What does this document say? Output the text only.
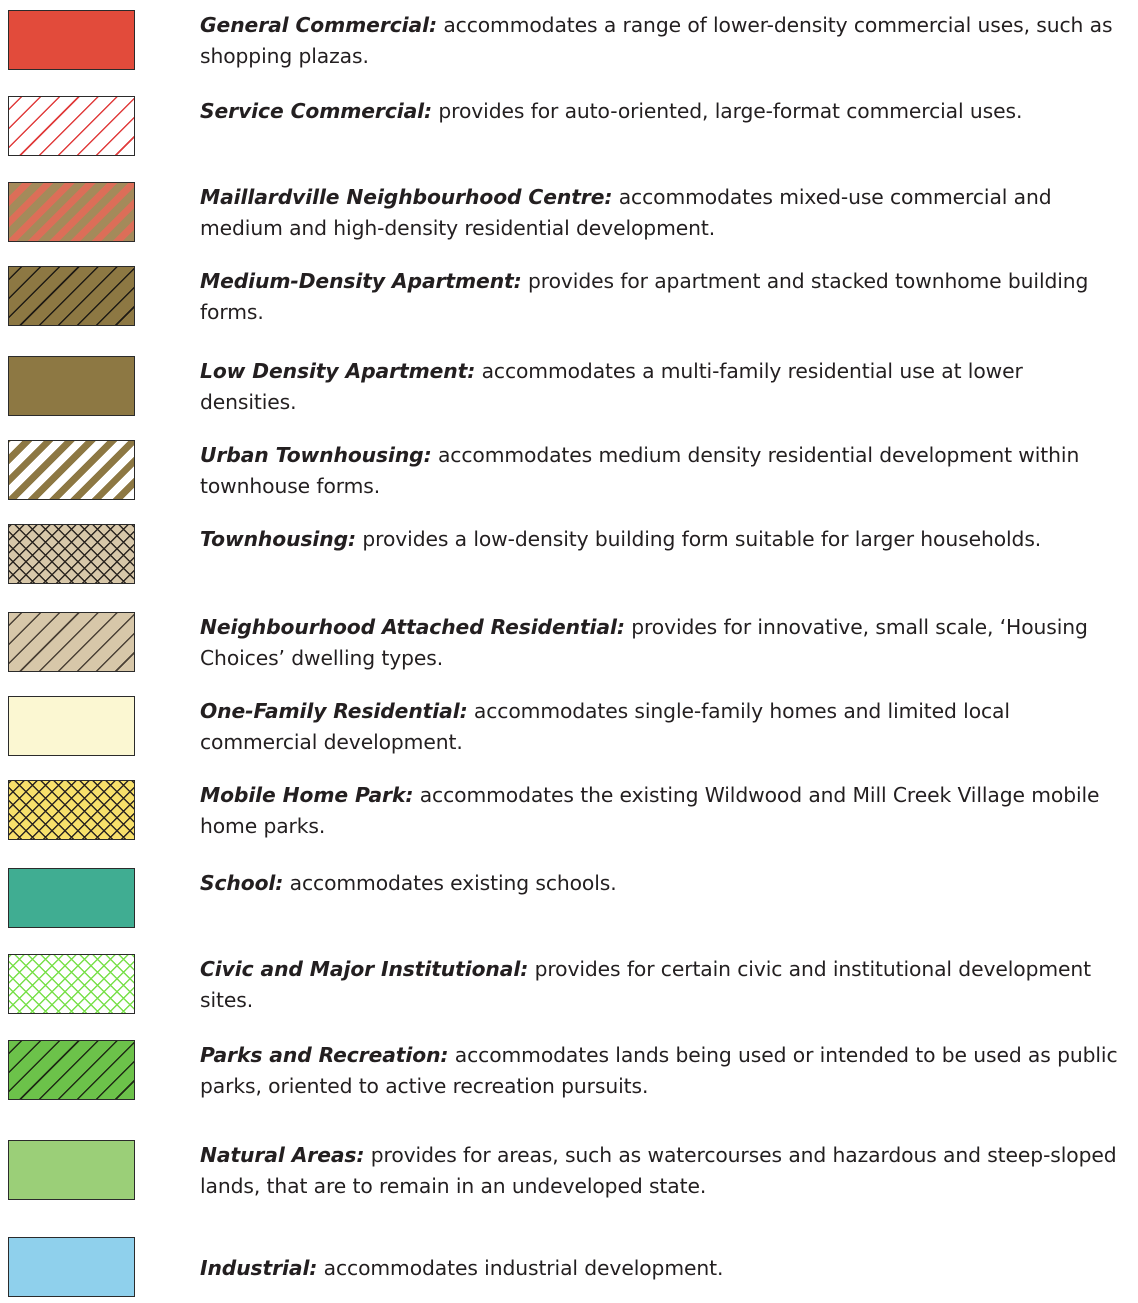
General Commercial: accommodates a range of lower-density commercial uses, such as shopping plazas.
Service Commercial: provides for auto-oriented, large-format commercial uses.
Maillardville Neighbourhood Centre: accommodates mixed-use commercial and medium and high-density residential development.
Medium-Density Apartment: provides for apartment and stacked townhome building forms.
Low Density Apartment: accommodates a multi-family residential use at lower densities.
Urban Townhousing: accommodates medium density residential development within townhouse forms.
Townhousing: provides a low-density building form suitable for larger households.
Neighbourhood Attached Residential: provides for innovative, small scale, ‘Housing Choices’ dwelling types.
One-Family Residential: accommodates single-family homes and limited local commercial development.
Mobile Home Park: accommodates the existing Wildwood and Mill Creek Village mobile home parks.
School: accommodates existing schools.
Civic and Major Institutional: provides for certain civic and institutional development sites.
Parks and Recreation: accommodates lands being used or intended to be used as public parks, oriented to active recreation pursuits.
Natural Areas: provides for areas, such as watercourses and hazardous and steep-sloped lands, that are to remain in an undeveloped state.
Industrial: accommodates industrial development.
